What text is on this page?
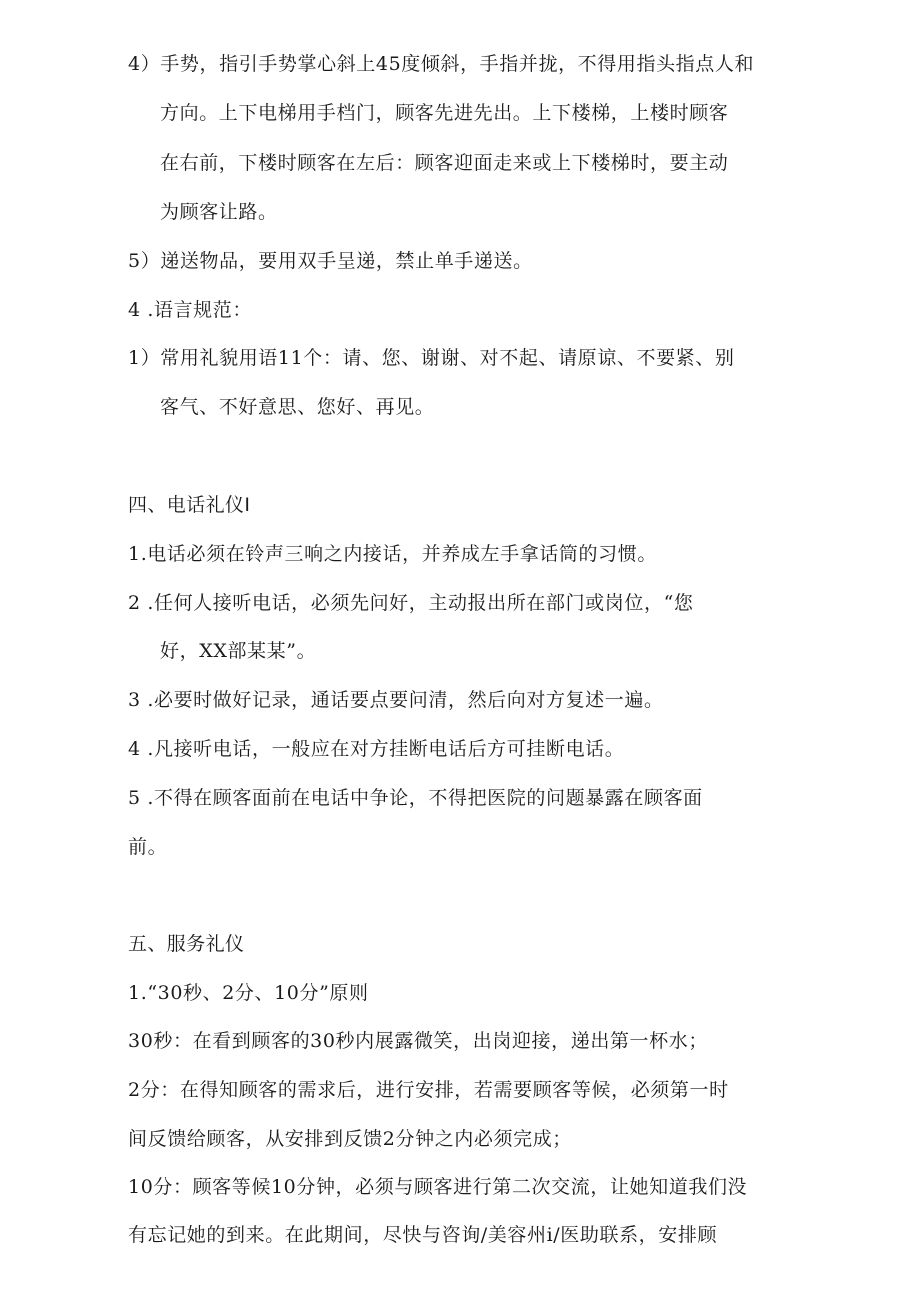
4）手势，指引手势掌心斜上45度倾斜，手指并拢，不得用指头指点人和
方向。上下电梯用手档门，顾客先进先出。上下楼梯，上楼时顾客
在右前，下楼时顾客在左后：顾客迎面走来或上下楼梯时，要主动
为顾客让路。
5）递送物品，要用双手呈递，禁止单手递送。
4 .语言规范：
1）常用礼貌用语11个：请、您、谢谢、对不起、请原谅、不要紧、别
客气、不好意思、您好、再见。
四、电话礼仪I
1.电话必须在铃声三响之内接话，并养成左手拿话筒的习惯。
2 .任何人接听电话，必须先问好，主动报出所在部门或岗位，“您
好，XX部某某”。
3 .必要时做好记录，通话要点要问清，然后向对方复述一遍。
4 .凡接听电话，一般应在对方挂断电话后方可挂断电话。
5 .不得在顾客面前在电话中争论，不得把医院的问题暴露在顾客面
前。
五、服务礼仪
1.“30秒、2分、10分”原则
30秒：在看到顾客的30秒内展露微笑，出岗迎接，递出第一杯水；
2分：在得知顾客的需求后，进行安排，若需要顾客等候，必须第一时
间反馈给顾客，从安排到反馈2分钟之内必须完成；
10分：顾客等候10分钟，必须与顾客进行第二次交流，让她知道我们没
有忘记她的到来。在此期间，尽快与咨询/美容州i/医助联系，安排顾
